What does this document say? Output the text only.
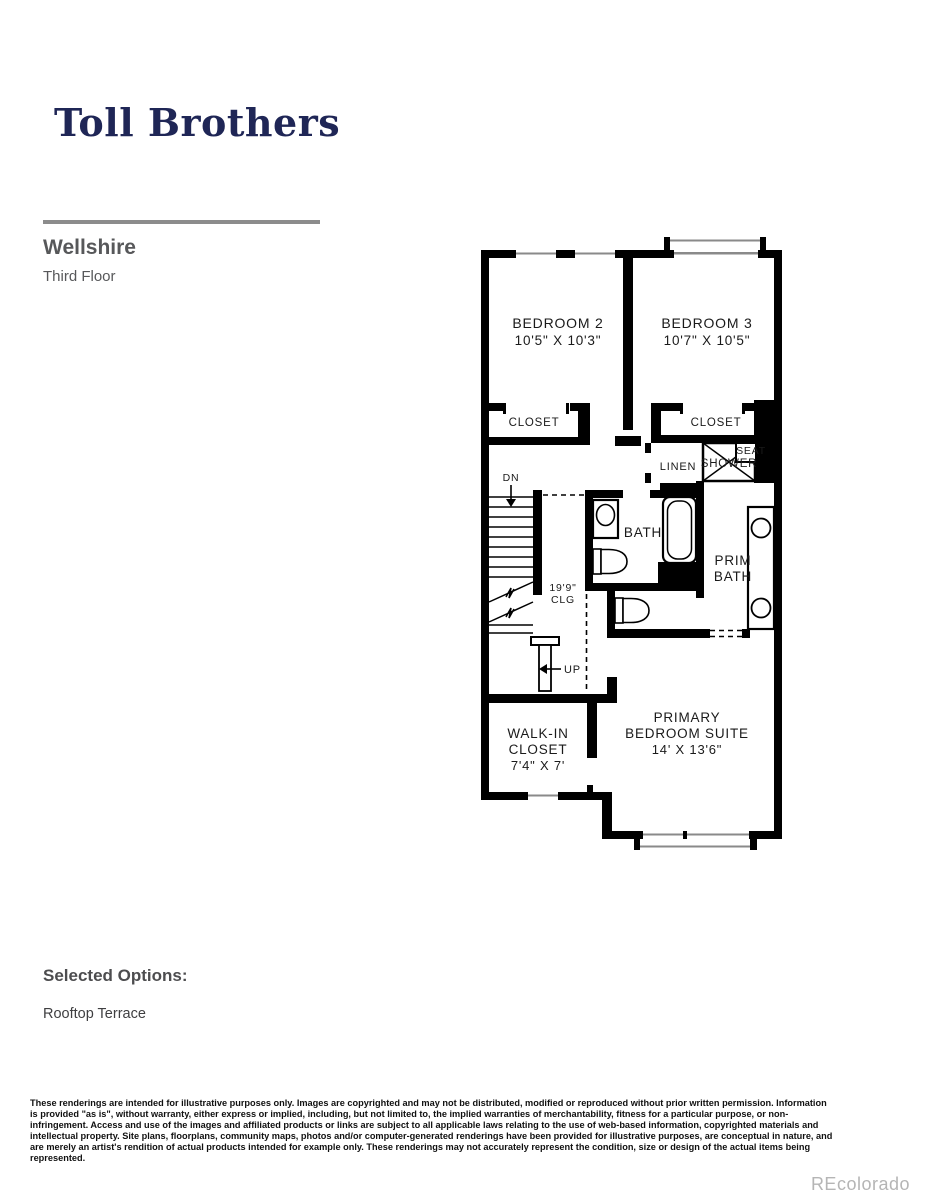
Toll Brothers
Wellshire
Third Floor
BEDROOM 2
10'5" X 10'3"
BEDROOM 3
10'7" X 10'5"
CLOSET	CLOSET
LINEN
SEAT
SHOWER
BATH
PRIM
BATH
DN
19'9"
CLG
UP
WALK-IN
CLOSET
7'4" X 7'
PRIMARY
BEDROOM SUITE
14' X 13'6"
Selected Options:
Rooftop Terrace
These renderings are intended for illustrative purposes only. Images are copyrighted and may not be distributed, modified or reproduced without prior written permission. Information is provided "as is", without warranty, either express or implied, including, but not limited to, the implied warranties of merchantability, fitness for a particular purpose, or non-infringement. Access and use of the images and affiliated products or links are subject to all applicable laws relating to the use of web-based information, copyrighted materials and intellectual property. Site plans, floorplans, community maps, photos and/or computer-generated renderings have been provided for illustrative purposes, are conceptual in nature, and are merely an artist's rendition of actual products intended for example only. These renderings may not accurately represent the condition, size or design of the actual items being represented.
REcolorado
